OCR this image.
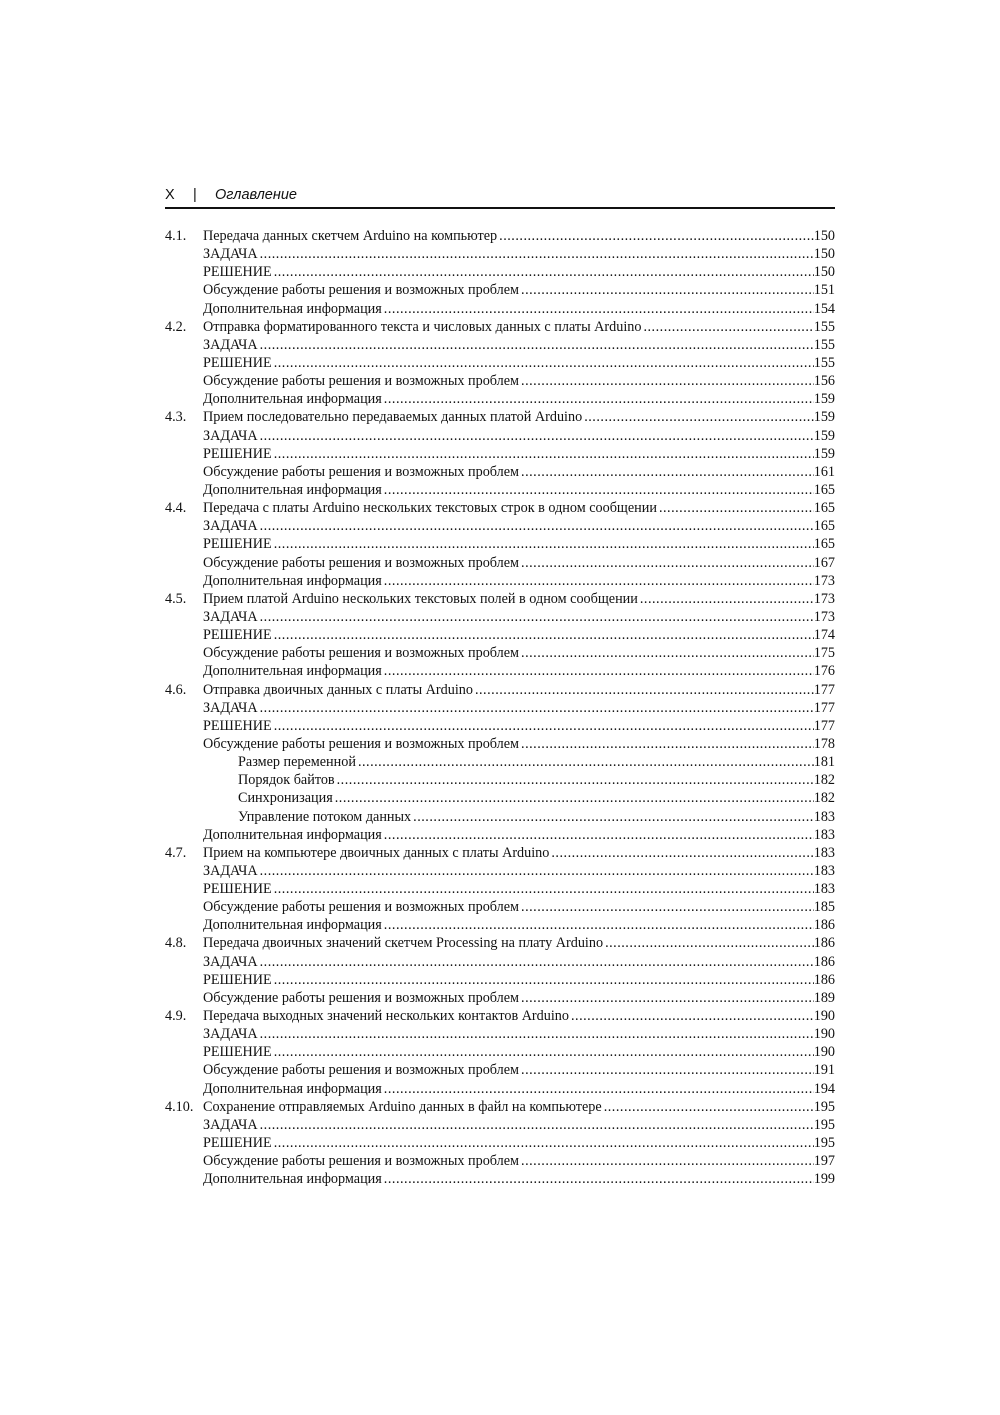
X | Оглавление
4.1. Передача данных скетчем Arduino на компьютер .....	150
ЗАДАЧА .....	150
РЕШЕНИЕ .....	150
Обсуждение работы решения и возможных проблем .....	151
Дополнительная информация .....	154
4.2. Отправка форматированного текста и числовых данных с платы Arduino .....	155
ЗАДАЧА .....	155
РЕШЕНИЕ .....	155
Обсуждение работы решения и возможных проблем .....	156
Дополнительная информация .....	159
4.3. Прием последовательно передаваемых данных платой Arduino .....	159
ЗАДАЧА .....	159
РЕШЕНИЕ .....	159
Обсуждение работы решения и возможных проблем .....	161
Дополнительная информация .....	165
4.4. Передача с платы Arduino нескольких текстовых строк в одном сообщении .....	165
ЗАДАЧА .....	165
РЕШЕНИЕ .....	165
Обсуждение работы решения и возможных проблем .....	167
Дополнительная информация .....	173
4.5. Прием платой Arduino нескольких текстовых полей в одном сообщении .....	173
ЗАДАЧА .....	173
РЕШЕНИЕ .....	174
Обсуждение работы решения и возможных проблем .....	175
Дополнительная информация .....	176
4.6. Отправка двоичных данных с платы Arduino .....	177
ЗАДАЧА .....	177
РЕШЕНИЕ .....	177
Обсуждение работы решения и возможных проблем .....	178
Размер переменной .....	181
Порядок байтов .....	182
Синхронизация .....	182
Управление потоком данных .....	183
Дополнительная информация .....	183
4.7. Прием на компьютере двоичных данных с платы Arduino .....	183
ЗАДАЧА .....	183
РЕШЕНИЕ .....	183
Обсуждение работы решения и возможных проблем .....	185
Дополнительная информация .....	186
4.8. Передача двоичных значений скетчем Processing на плату Arduino .....	186
ЗАДАЧА .....	186
РЕШЕНИЕ .....	186
Обсуждение работы решения и возможных проблем .....	189
4.9. Передача выходных значений нескольких контактов Arduino .....	190
ЗАДАЧА .....	190
РЕШЕНИЕ .....	190
Обсуждение работы решения и возможных проблем .....	191
Дополнительная информация .....	194
4.10. Сохранение отправляемых Arduino данных в файл на компьютере .....	195
ЗАДАЧА .....	195
РЕШЕНИЕ .....	195
Обсуждение работы решения и возможных проблем .....	197
Дополнительная информация .....	199
